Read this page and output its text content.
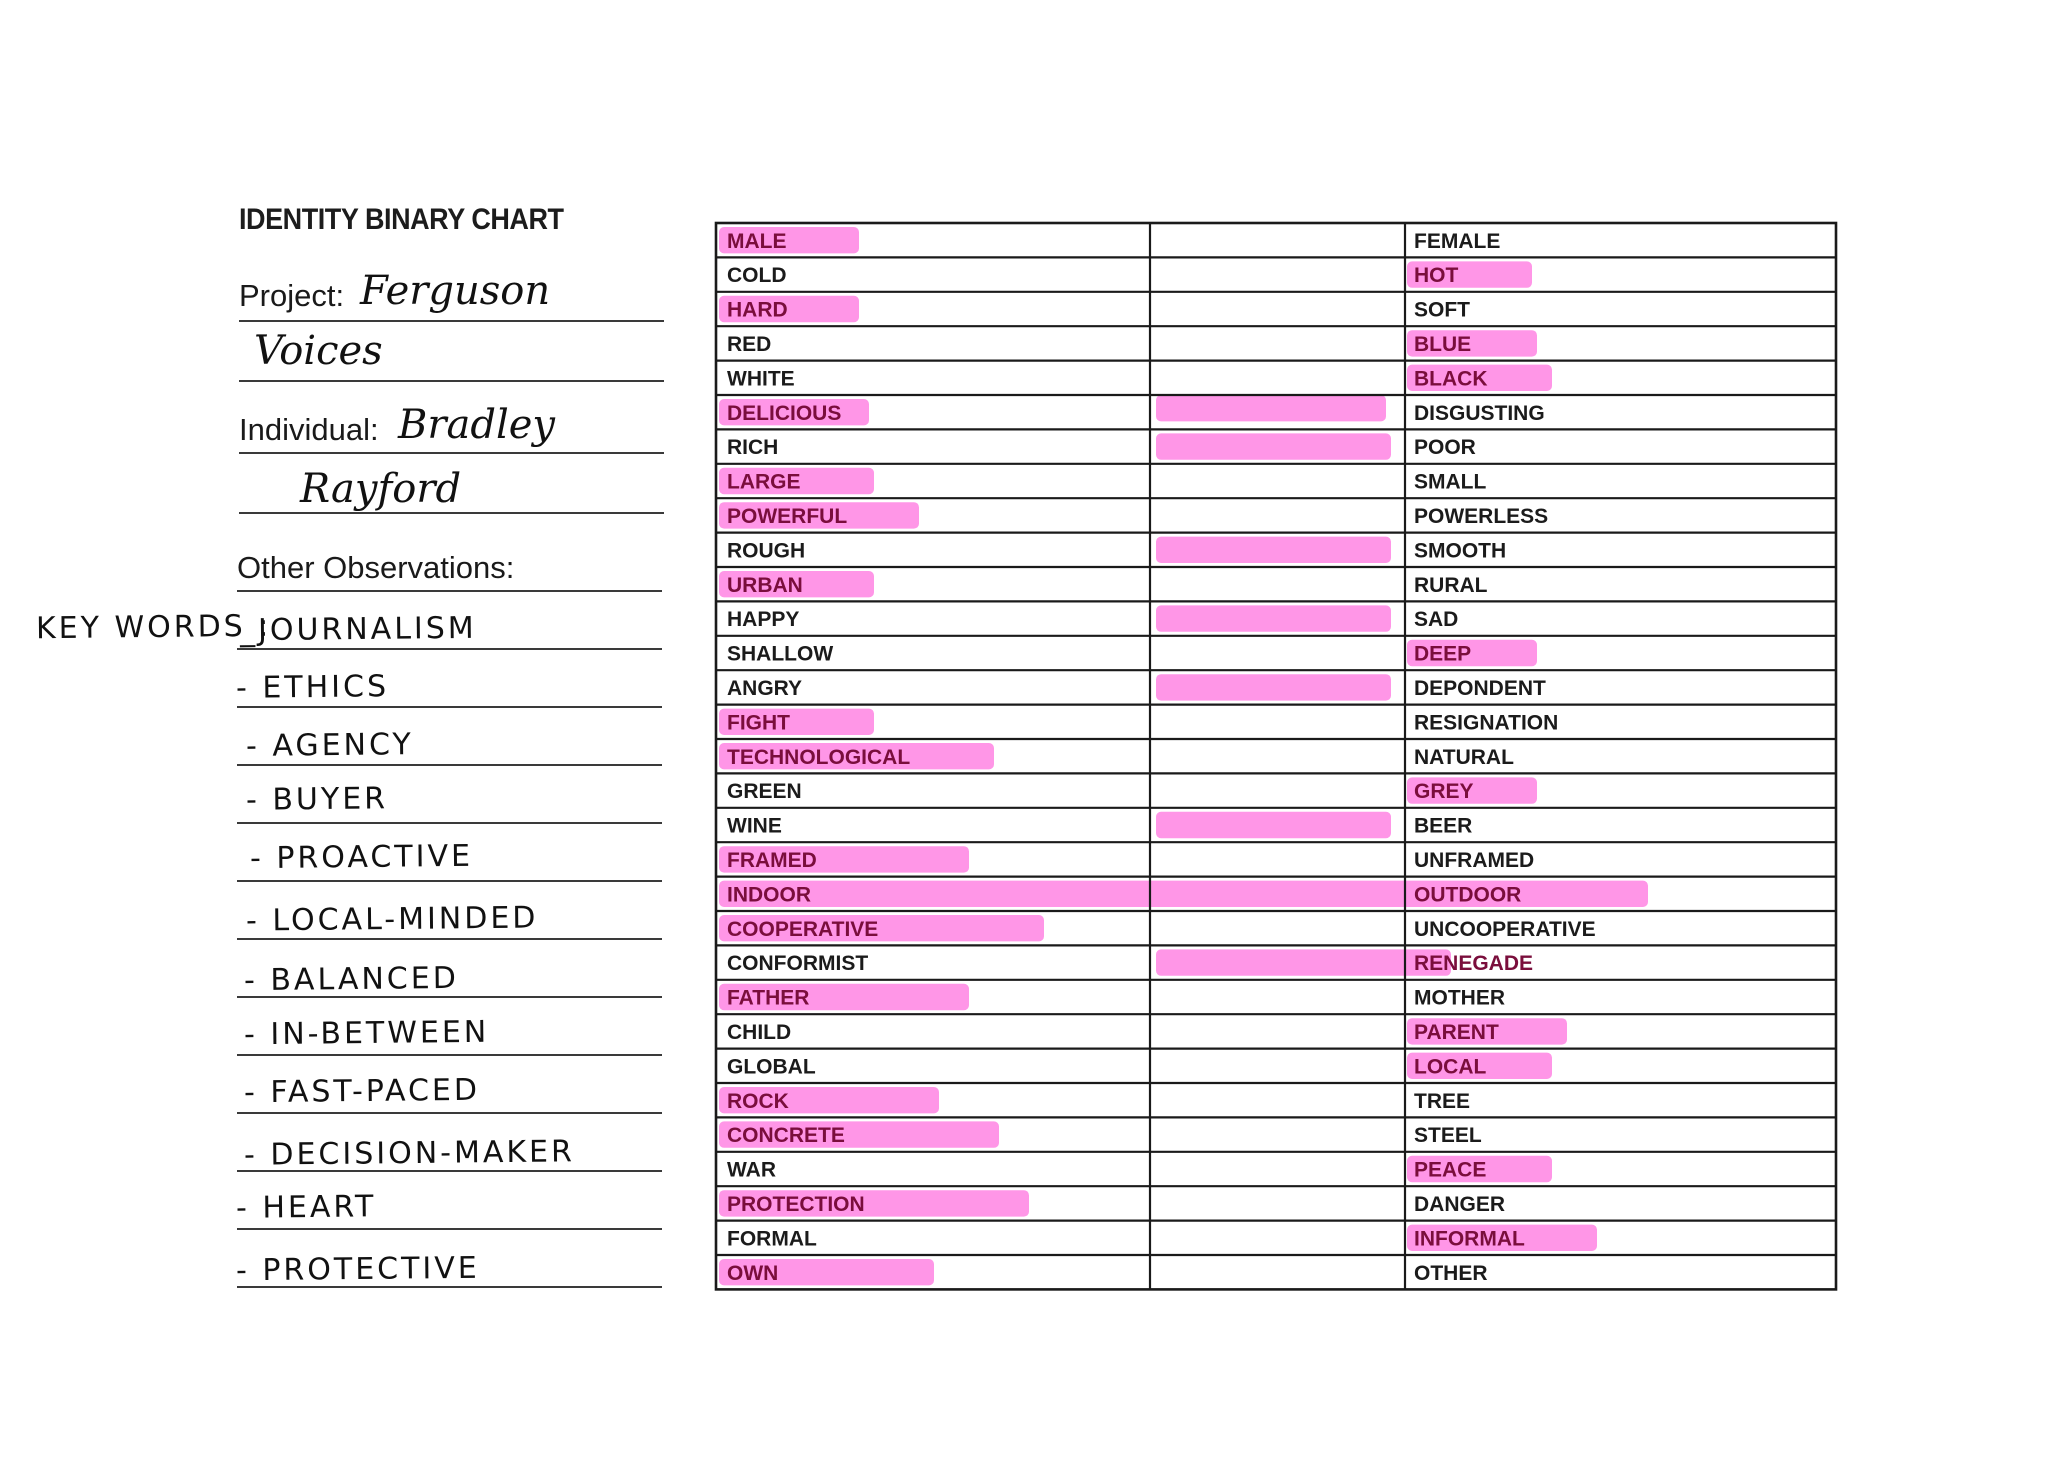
IDENTITY BINARY CHART
Project: Ferguson
Voices
Individual: Bradley
Rayford
Other Observations:
KEY WORDS :
_JOURNALISM
- ETHICS
- AGENCY
- BUYER
- PROACTIVE
- LOCAL-MINDED
- BALANCED
- IN-BETWEEN
- FAST-PACED
- DECISION-MAKER
- HEART
- PROTECTIVE
MALE	FEMALE
COLD	HOT
HARD	SOFT
RED	BLUE
WHITE	BLACK
DELICIOUS	DISGUSTING
RICH	POOR
LARGE	SMALL
POWERFUL	POWERLESS
ROUGH	SMOOTH
URBAN	RURAL
HAPPY	SAD
SHALLOW	DEEP
ANGRY	DEPONDENT
FIGHT	RESIGNATION
TECHNOLOGICAL	NATURAL
GREEN	GREY
WINE	BEER
FRAMED	UNFRAMED
INDOOR	OUTDOOR
COOPERATIVE	UNCOOPERATIVE
CONFORMIST	RENEGADE
FATHER	MOTHER
CHILD	PARENT
GLOBAL	LOCAL
ROCK	TREE
CONCRETE	STEEL
WAR	PEACE
PROTECTION	DANGER
FORMAL	INFORMAL
OWN	OTHER
